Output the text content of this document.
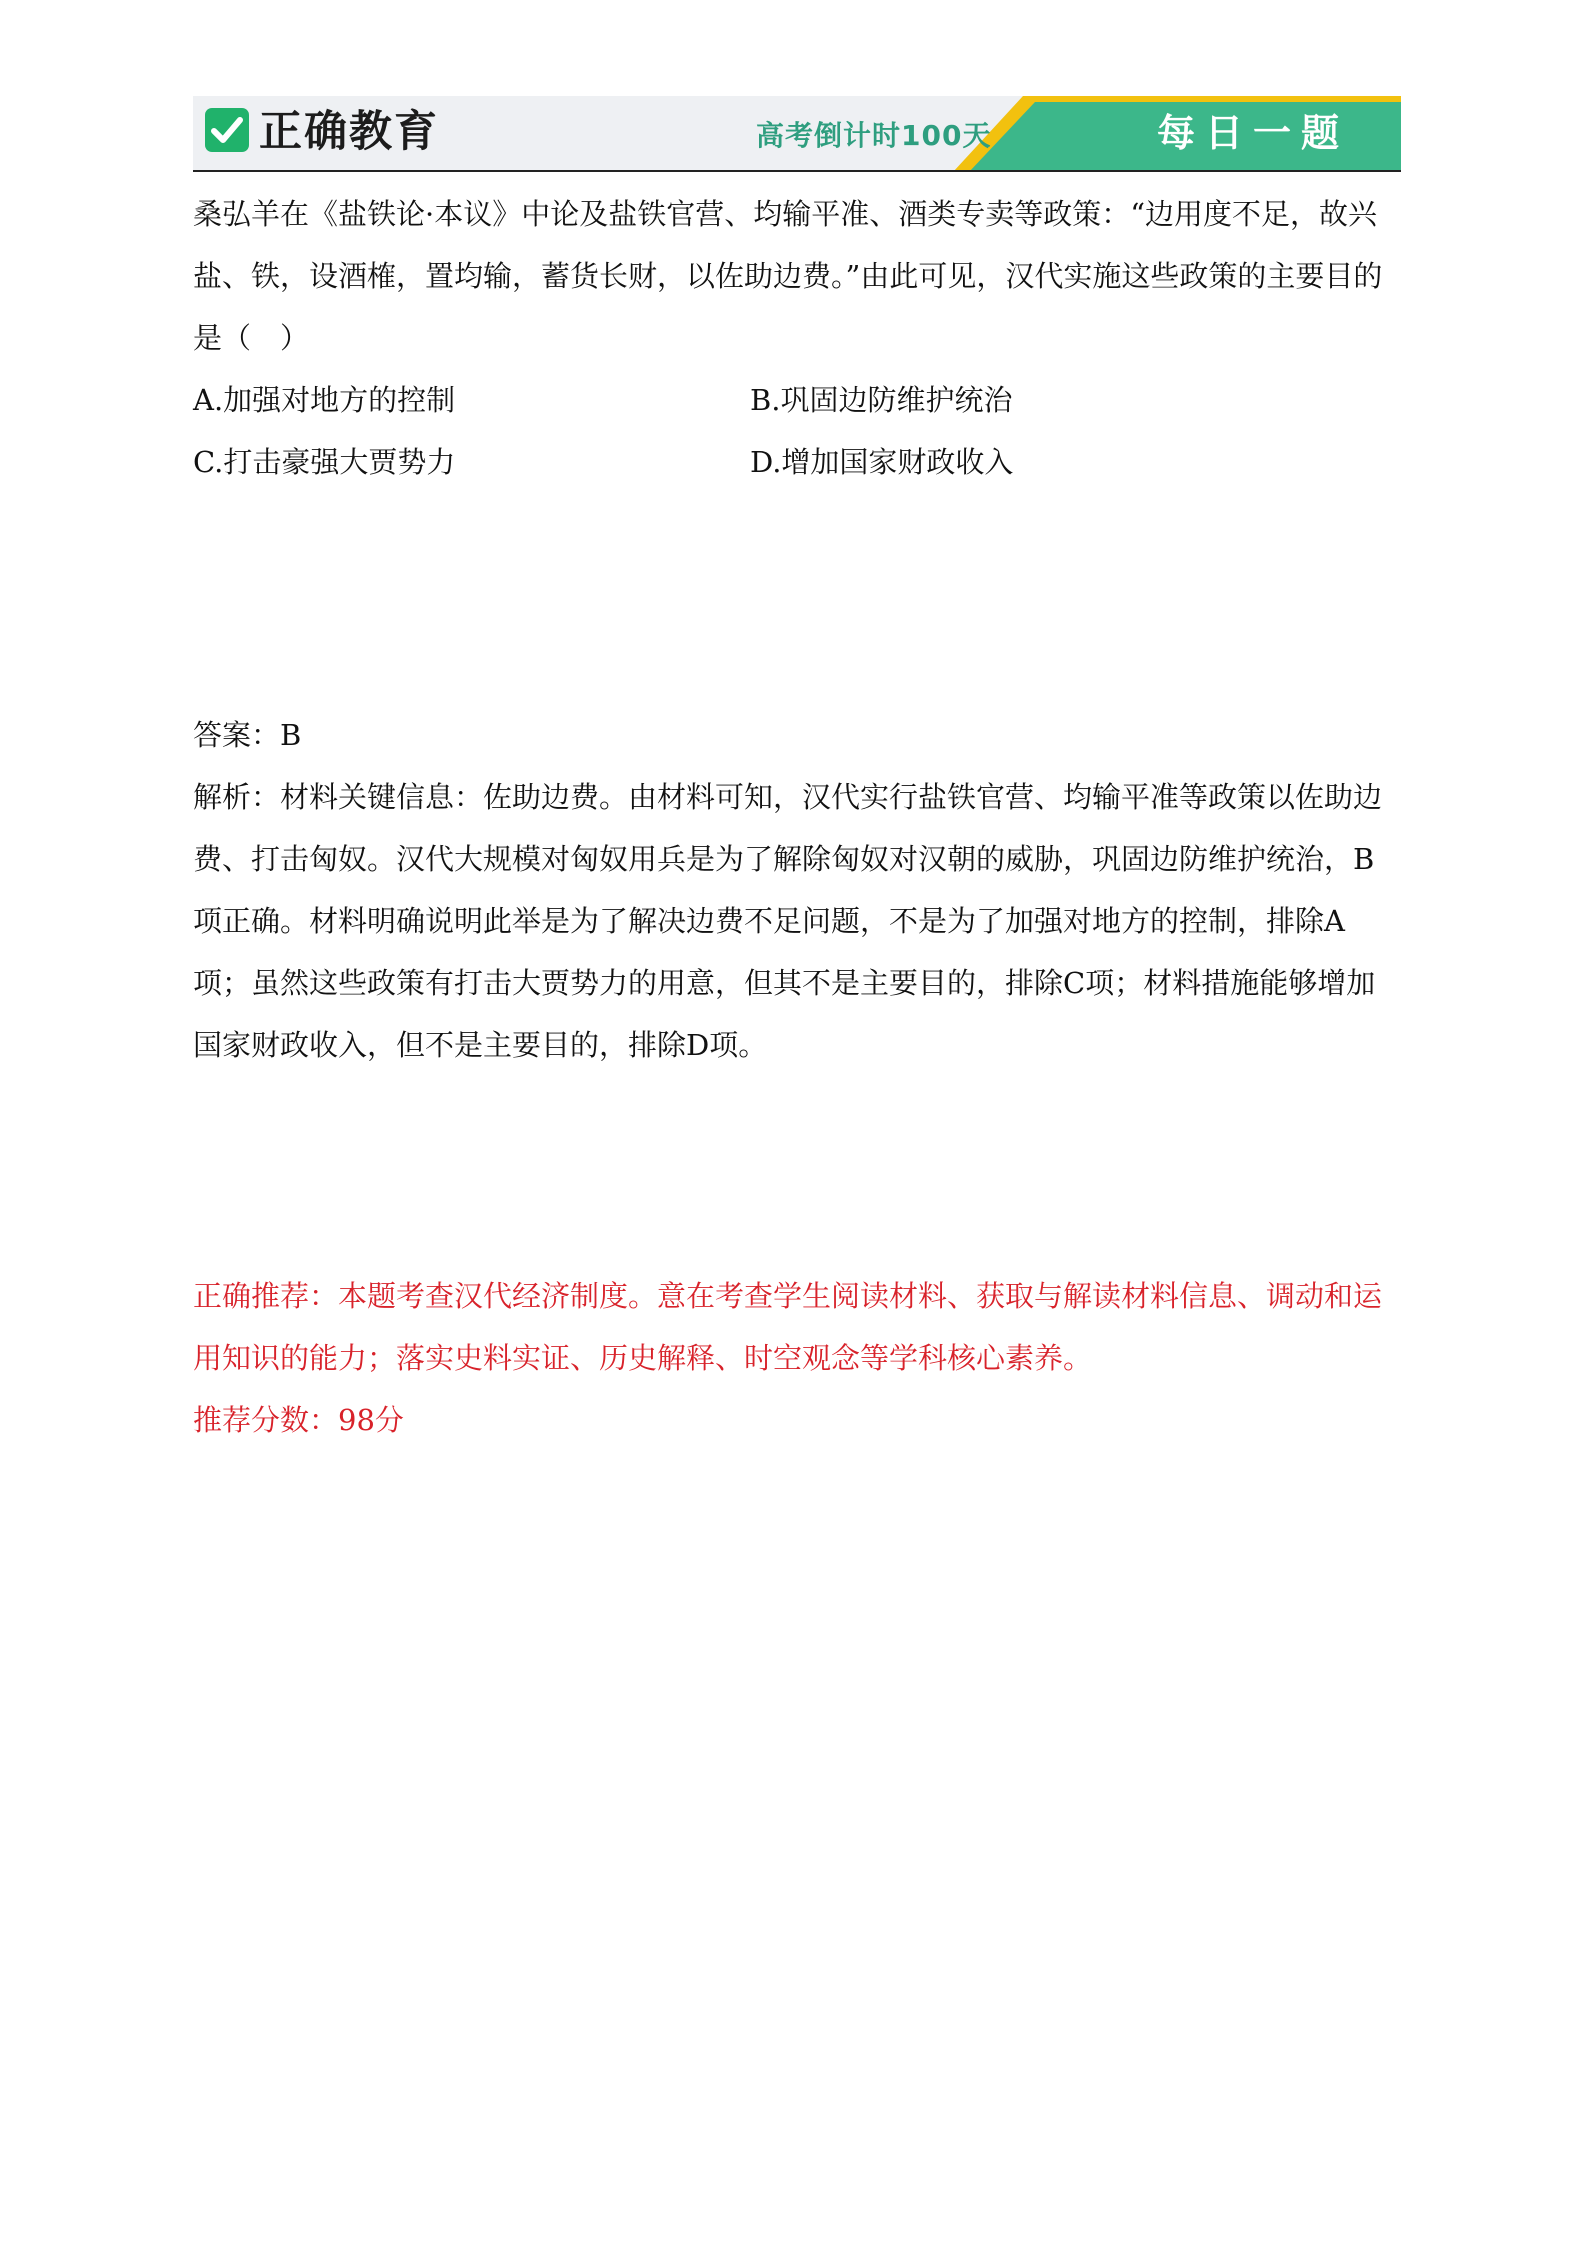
正确教育	高考倒计时100天	每日一题

桑弘羊在《盐铁论·本议》中论及盐铁官营、均输平准、酒类专卖等政策：“边用度不足，故兴盐、铁，设酒榷，置均输，蓄货长财，以佐助边费。”由此可见，汉代实施这些政策的主要目的是（　）

A.加强对地方的控制	B.巩固边防维护统治
C.打击豪强大贾势力	D.增加国家财政收入

答案：B

解析：材料关键信息：佐助边费。由材料可知，汉代实行盐铁官营、均输平准等政策以佐助边费、打击匈奴。汉代大规模对匈奴用兵是为了解除匈奴对汉朝的威胁，巩固边防维护统治，B项正确。材料明确说明此举是为了解决边费不足问题，不是为了加强对地方的控制，排除A项；虽然这些政策有打击大贾势力的用意，但其不是主要目的，排除C项；材料措施能够增加国家财政收入，但不是主要目的，排除D项。

正确推荐：本题考查汉代经济制度。意在考查学生阅读材料、获取与解读材料信息、调动和运用知识的能力；落实史料实证、历史解释、时空观念等学科核心素养。

推荐分数：98分
